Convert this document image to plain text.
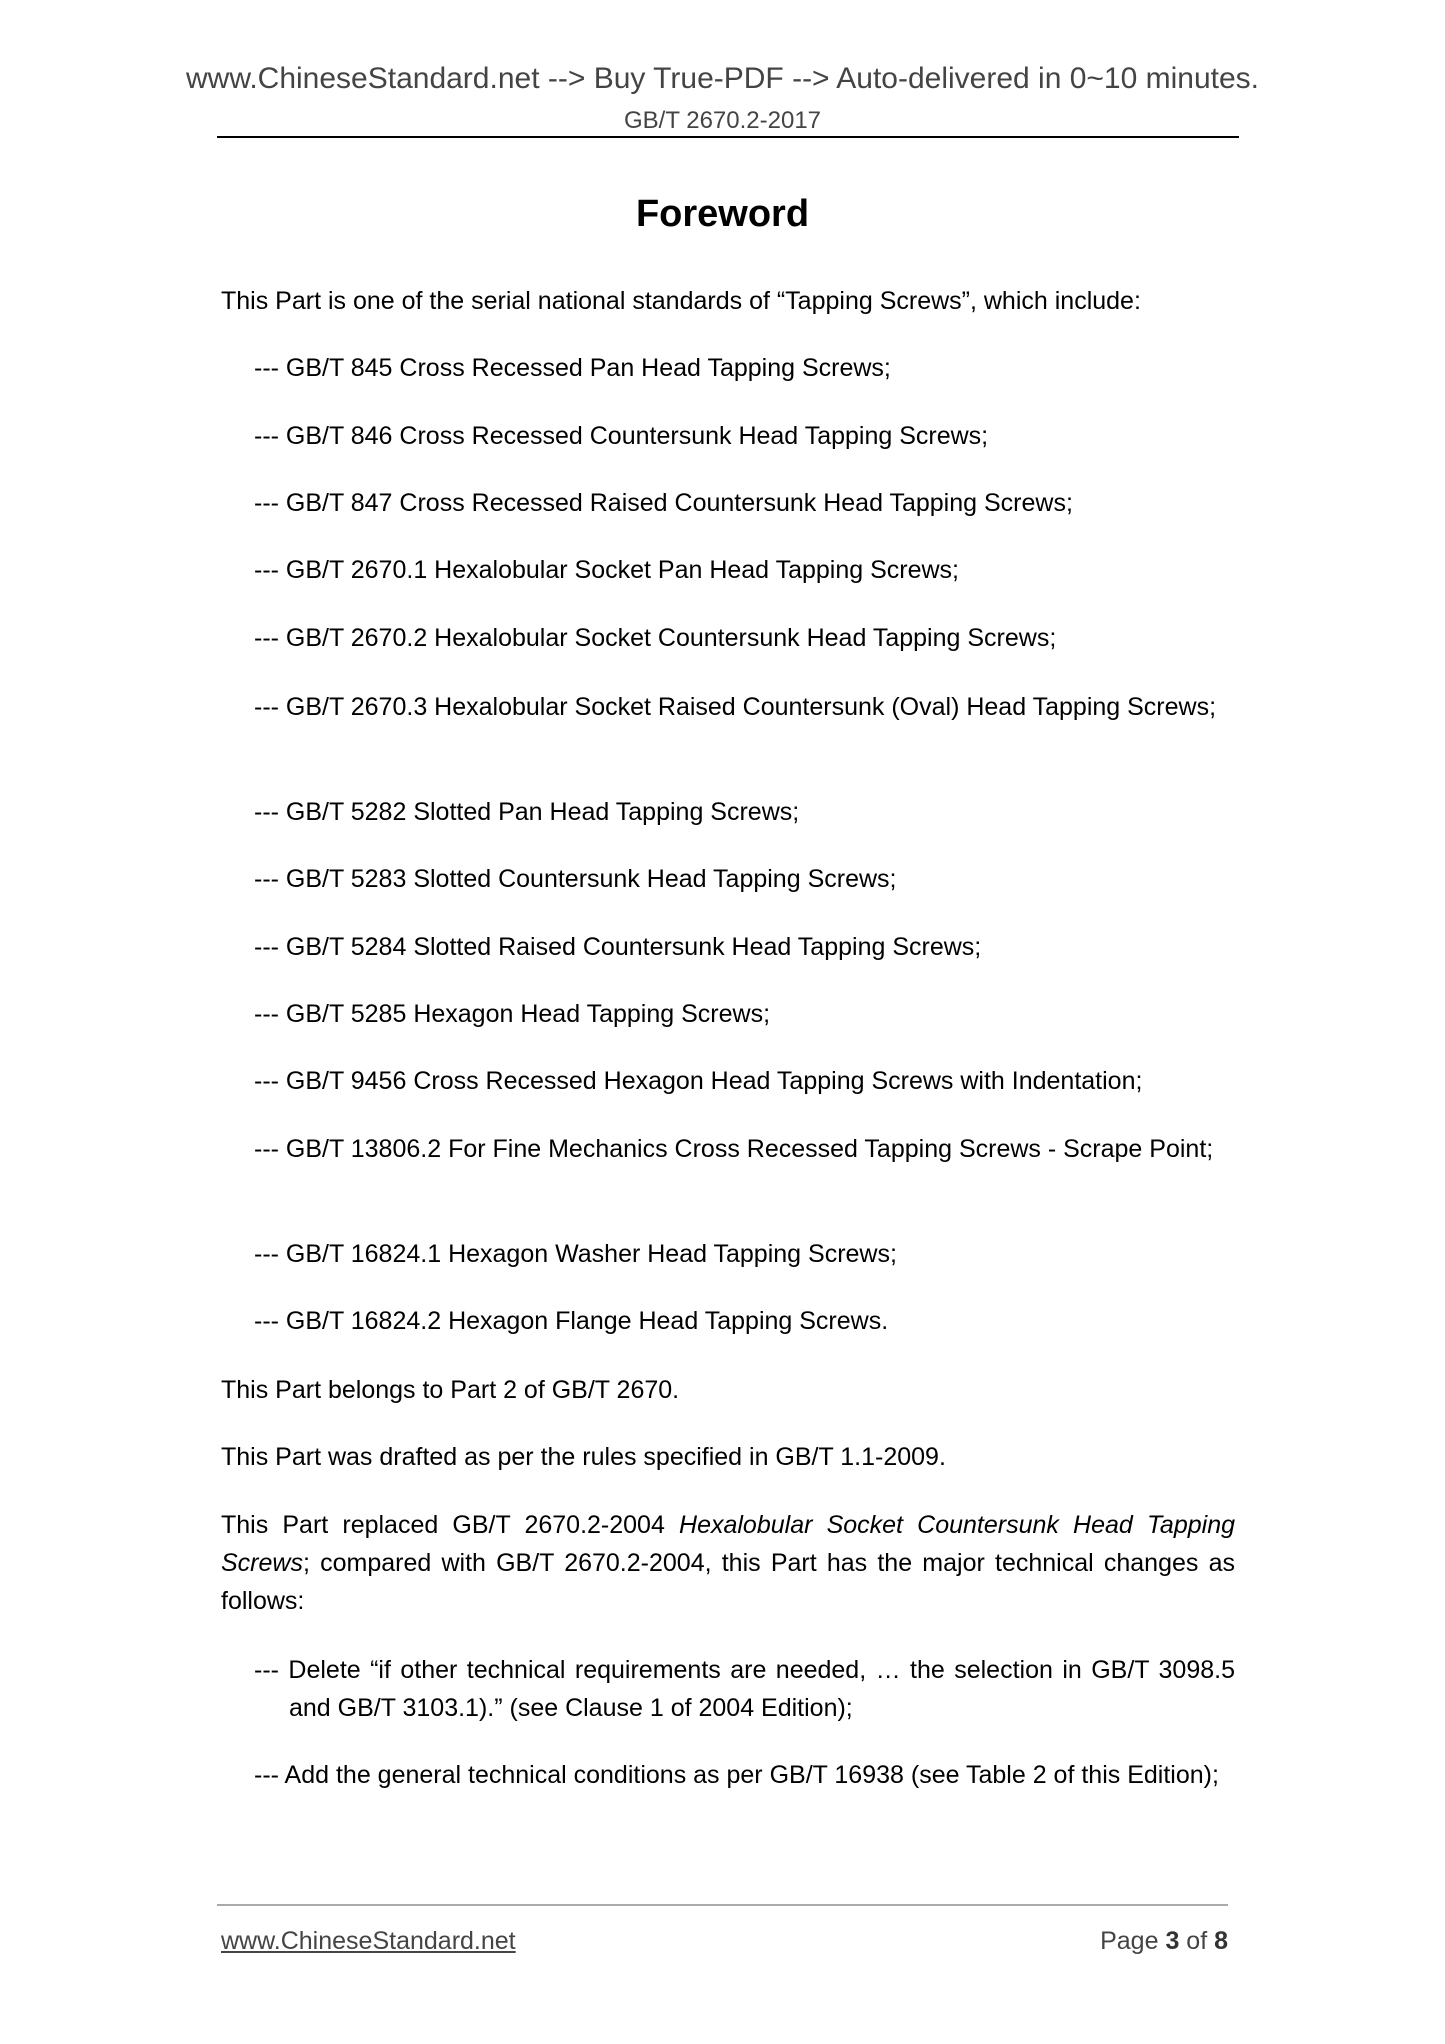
www.ChineseStandard.net --> Buy True-PDF --> Auto-delivered in 0~10 minutes.
GB/T 2670.2-2017
Foreword
This Part is one of the serial national standards of “Tapping Screws”, which include:
--- GB/T 845 Cross Recessed Pan Head Tapping Screws;
--- GB/T 846 Cross Recessed Countersunk Head Tapping Screws;
--- GB/T 847 Cross Recessed Raised Countersunk Head Tapping Screws;
--- GB/T 2670.1 Hexalobular Socket Pan Head Tapping Screws;
--- GB/T 2670.2 Hexalobular Socket Countersunk Head Tapping Screws;
--- GB/T 2670.3 Hexalobular Socket Raised Countersunk (Oval) Head Tapping Screws;
--- GB/T 5282 Slotted Pan Head Tapping Screws;
--- GB/T 5283 Slotted Countersunk Head Tapping Screws;
--- GB/T 5284 Slotted Raised Countersunk Head Tapping Screws;
--- GB/T 5285 Hexagon Head Tapping Screws;
--- GB/T 9456 Cross Recessed Hexagon Head Tapping Screws with Indentation;
--- GB/T 13806.2 For Fine Mechanics Cross Recessed Tapping Screws - Scrape Point;
--- GB/T 16824.1 Hexagon Washer Head Tapping Screws;
--- GB/T 16824.2 Hexagon Flange Head Tapping Screws.
This Part belongs to Part 2 of GB/T 2670.
This Part was drafted as per the rules specified in GB/T 1.1-2009.
This Part replaced GB/T 2670.2-2004 Hexalobular Socket Countersunk Head Tapping Screws; compared with GB/T 2670.2-2004, this Part has the major technical changes as follows:
--- Delete “if other technical requirements are needed, … the selection in GB/T 3098.5 and GB/T 3103.1).” (see Clause 1 of 2004 Edition);
--- Add the general technical conditions as per GB/T 16938 (see Table 2 of this Edition);
www.ChineseStandard.net	Page 3 of 8
